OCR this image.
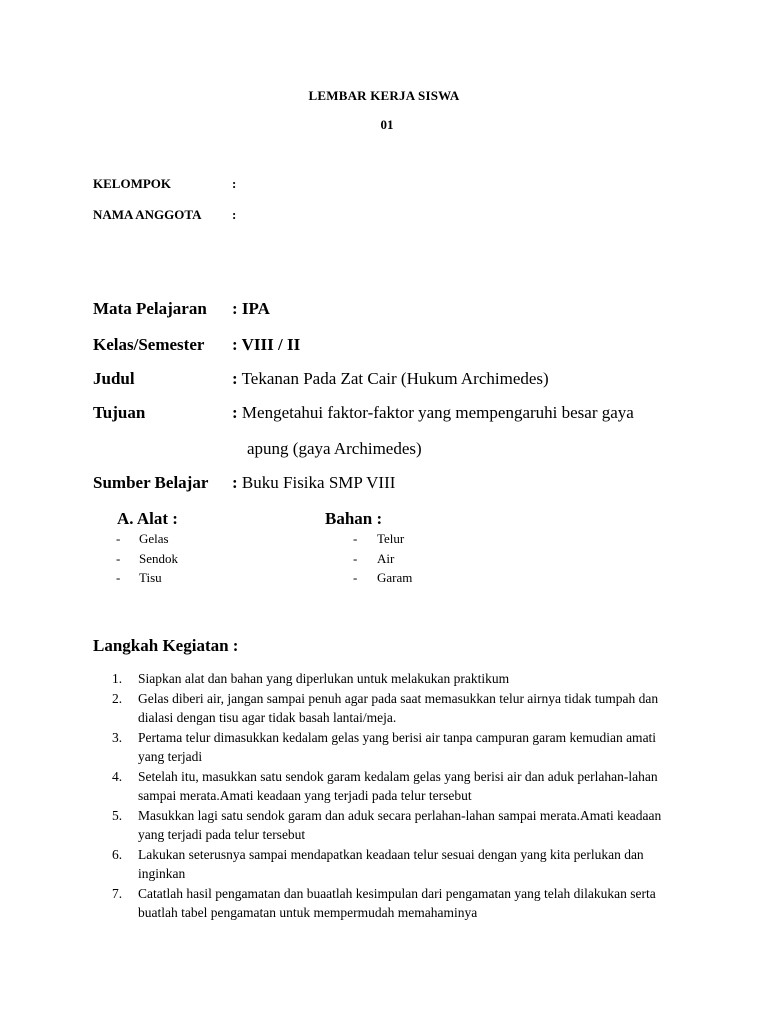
LEMBAR KERJA SISWA
01
KELOMPOK	:
NAMA ANGGOTA :
Mata Pelajaran : IPA
Kelas/Semester : VIII / II
Judul	: Tekanan Pada Zat Cair (Hukum Archimedes)
Tujuan	: Mengetahui faktor-faktor yang mempengaruhi besar gaya
apung (gaya Archimedes)
Sumber Belajar : Buku Fisika SMP VIII
A. Alat :	Bahan :
- Gelas
- Sendok
- Tisu
- Telur
- Air
- Garam
Langkah Kegiatan :
1. Siapkan alat dan bahan yang diperlukan untuk melakukan praktikum
2. Gelas diberi air, jangan sampai penuh agar pada saat memasukkan telur airnya tidak tumpah dan dialasi dengan tisu agar tidak basah lantai/meja.
3. Pertama telur dimasukkan kedalam gelas yang berisi air tanpa campuran garam kemudian amati yang terjadi
4. Setelah itu, masukkan satu sendok garam kedalam gelas yang berisi air dan aduk perlahan-lahan sampai merata.Amati keadaan yang terjadi pada telur tersebut
5. Masukkan lagi satu sendok garam dan aduk secara perlahan-lahan sampai merata.Amati keadaan yang terjadi pada telur tersebut
6. Lakukan seterusnya sampai mendapatkan keadaan telur sesuai dengan yang kita perlukan dan inginkan
7. Catatlah hasil pengamatan dan buaatlah kesimpulan dari pengamatan yang telah dilakukan serta buatlah tabel pengamatan untuk mempermudah memahaminya
